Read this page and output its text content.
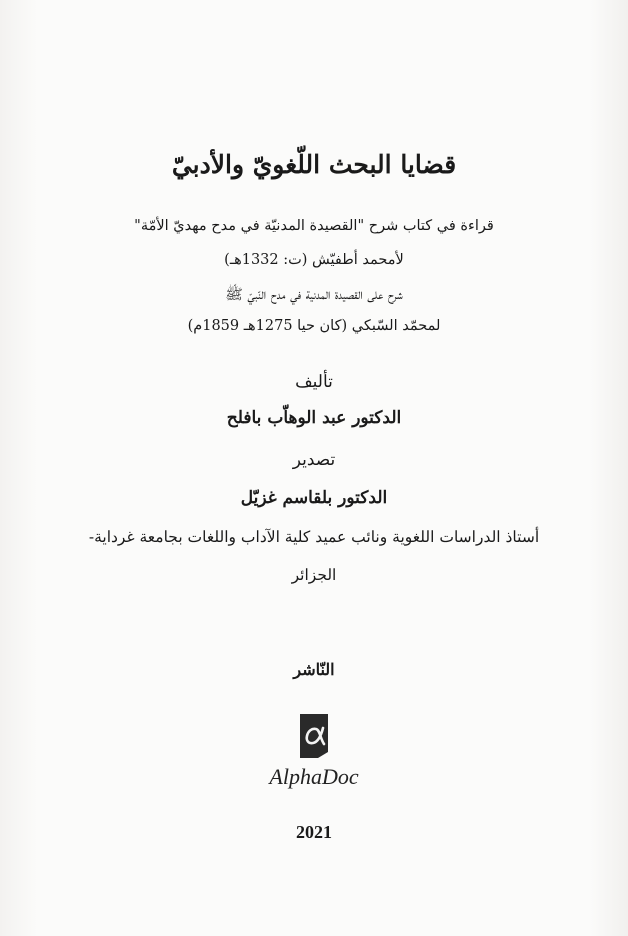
قضايا البحث اللّغويّ والأدبيّ
قراءة في كتاب شرح "القصيدة المدنيّة في مدح مهديّ الأمّة"
لأمحمد أطفيّش (ت: 1332هـ)
شرح على القصيدة المدنية في مدح النّبيّ ﷺ
لمحمّد السّبكي (كان حيا 1275هـ 1859م)
تأليف
الدكتور عبد الوهاّب بافلح
تصدير
الدكتور بلقاسم غزيّل
أستاذ الدراسات اللغوية ونائب عميد كلية الآداب واللغات بجامعة غرداية-
الجزائر
النّاشر
AlphaDoc
2021
